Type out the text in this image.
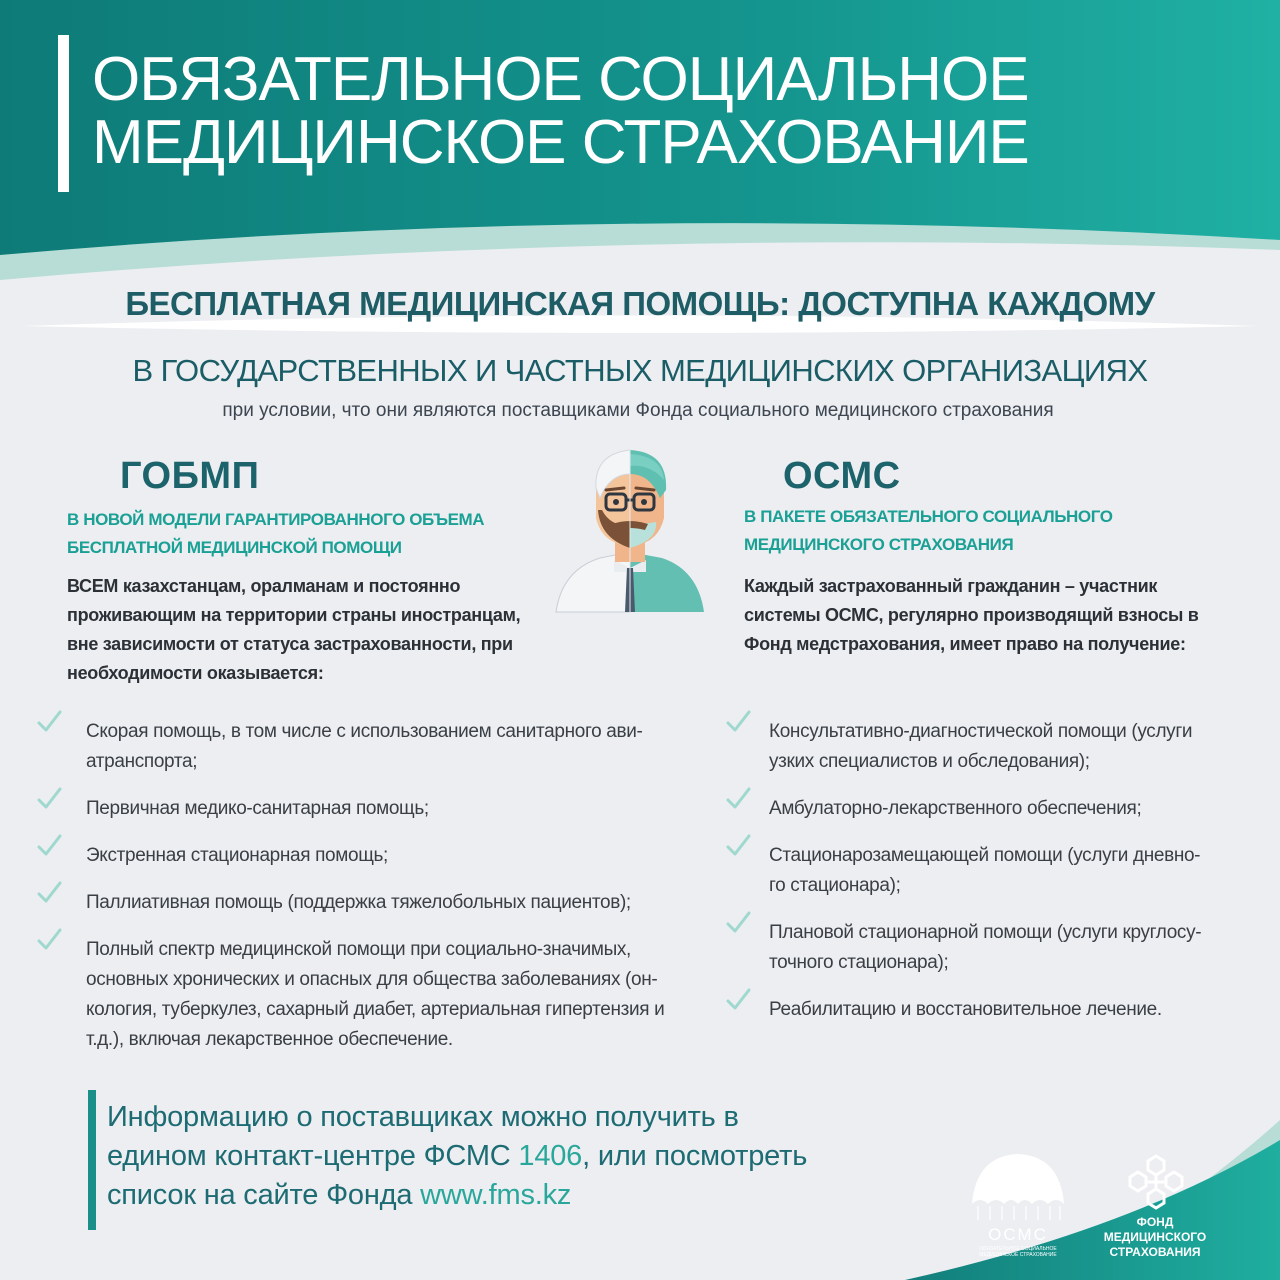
ОБЯЗАТЕЛЬНОЕ СОЦИАЛЬНОЕ
МЕДИЦИНСКОЕ СТРАХОВАНИЕ
БЕСПЛАТНАЯ МЕДИЦИНСКАЯ ПОМОЩЬ: ДОСТУПНА КАЖДОМУ
В ГОСУДАРСТВЕННЫХ И ЧАСТНЫХ МЕДИЦИНСКИХ ОРГАНИЗАЦИЯХ
при условии, что они являются поставщиками Фонда социального медицинского страхования
ГОБМП
В НОВОЙ МОДЕЛИ ГАРАНТИРОВАННОГО ОБЪЕМА
БЕСПЛАТНОЙ МЕДИЦИНСКОЙ ПОМОЩИ
ВСЕМ казахстанцам, оралманам и постоянно
проживающим на территории страны иностранцам,
вне зависимости от статуса застрахованности, при
необходимости оказывается:
Скорая помощь, в том числе с использованием санитарного ави-
атранспорта;
Первичная медико-санитарная помощь;
Экстренная стационарная помощь;
Паллиативная помощь (поддержка тяжелобольных пациентов);
Полный спектр медицинской помощи при социально-значимых,
основных хронических и опасных для общества заболеваниях (он-
кология, туберкулез, сахарный диабет, артериальная гипертензия и
т.д.), включая лекарственное обеспечение.
ОСМС
В ПАКЕТЕ ОБЯЗАТЕЛЬНОГО СОЦИАЛЬНОГО
МЕДИЦИНСКОГО СТРАХОВАНИЯ
Каждый застрахованный гражданин – участник
системы ОСМС, регулярно производящий взносы в
Фонд медстрахования, имеет право на получение:
Консультативно-диагностической помощи (услуги
узких специалистов и обследования);
Амбулаторно-лекарственного обеспечения;
Стационарозамещающей помощи (услуги дневно-
го стационара);
Плановой стационарной помощи (услуги круглосу-
точного стационара);
Реабилитацию и восстановительное лечение.
Информацию о поставщиках можно получить в
едином контакт-центре ФСМС 1406, или посмотреть
список на сайте Фонда www.fms.kz
ОСМС
ОБЯЗАТЕЛЬНОЕ СОЦИАЛЬНОЕ МЕДИЦИНСКОЕ СТРАХОВАНИЕ
ФОНД
МЕДИЦИНСКОГО
СТРАХОВАНИЯ
